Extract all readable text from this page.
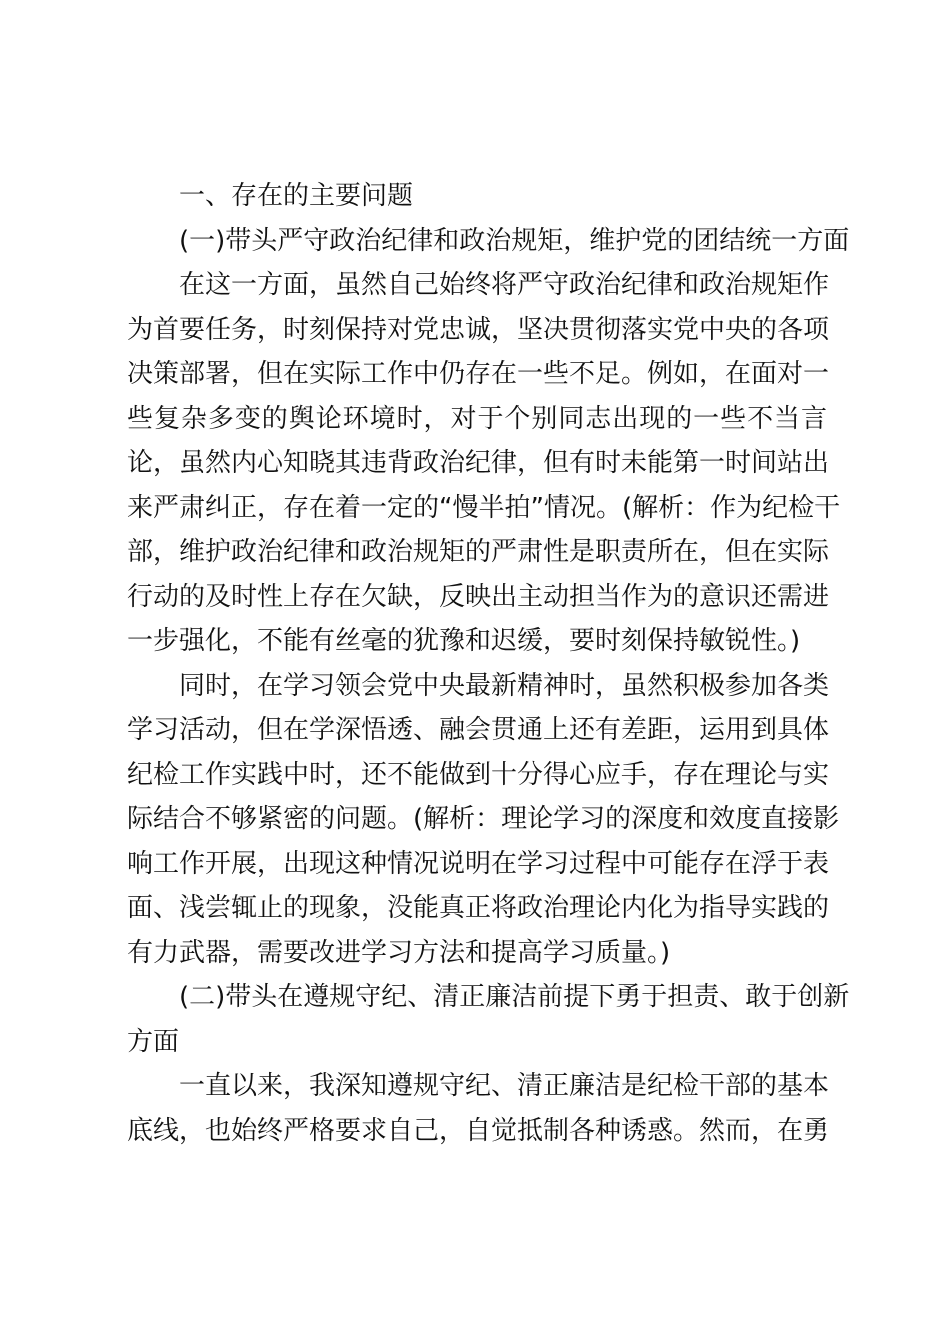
一、存在的主要问题
(一)带头严守政治纪律和政治规矩，维护党的团结统一方面
在这一方面，虽然自己始终将严守政治纪律和政治规矩作
为首要任务，时刻保持对党忠诚，坚决贯彻落实党中央的各项
决策部署，但在实际工作中仍存在一些不足。例如，在面对一
些复杂多变的舆论环境时，对于个别同志出现的一些不当言
论，虽然内心知晓其违背政治纪律，但有时未能第一时间站出
来严肃纠正，存在着一定的“慢半拍”情况。(解析：作为纪检干
部，维护政治纪律和政治规矩的严肃性是职责所在，但在实际
行动的及时性上存在欠缺，反映出主动担当作为的意识还需进
一步强化，不能有丝毫的犹豫和迟缓，要时刻保持敏锐性。)
同时，在学习领会党中央最新精神时，虽然积极参加各类
学习活动，但在学深悟透、融会贯通上还有差距，运用到具体
纪检工作实践中时，还不能做到十分得心应手，存在理论与实
际结合不够紧密的问题。(解析：理论学习的深度和效度直接影
响工作开展，出现这种情况说明在学习过程中可能存在浮于表
面、浅尝辄止的现象，没能真正将政治理论内化为指导实践的
有力武器，需要改进学习方法和提高学习质量。)
(二)带头在遵规守纪、清正廉洁前提下勇于担责、敢于创新
方面
一直以来，我深知遵规守纪、清正廉洁是纪检干部的基本
底线，也始终严格要求自己，自觉抵制各种诱惑。然而，在勇
